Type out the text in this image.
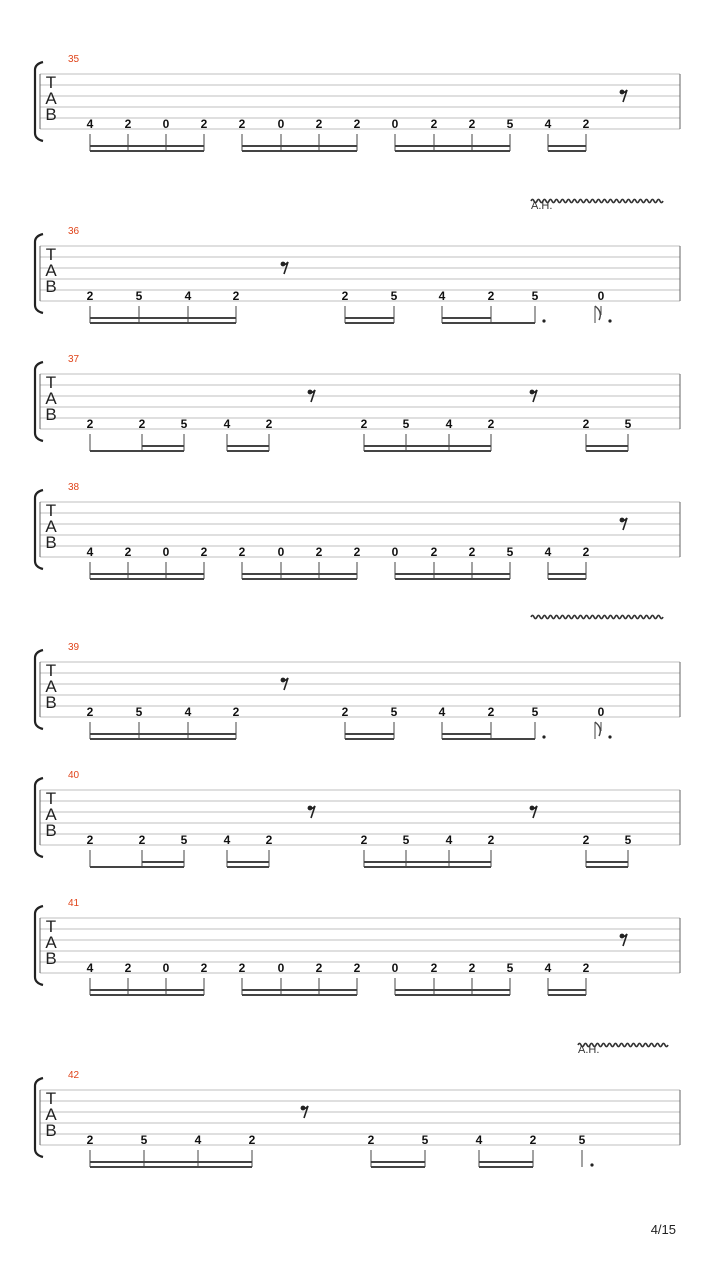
T
A
B
35
4	2	0	2	2	0	2	2	0	2	2	5	4	2
T
A
B
36
2	5	4	2	2	5	4	2	5	0
A.H.
T
A
B
37
2	2	5	4	2	2	5	4	2	2	5
T
A
B
38
4	2	0	2	2	0	2	2	0	2	2	5	4	2
T
A
B
39
2	5	4	2	2	5	4	2	5	0
T
A
B
40
2	2	5	4	2	2	5	4	2	2	5
T
A
B
41
4	2	0	2	2	0	2	2	0	2	2	5	4	2
T
A
B
42
2	5	4	2	2	5	4	2	5
A.H.
4/15
